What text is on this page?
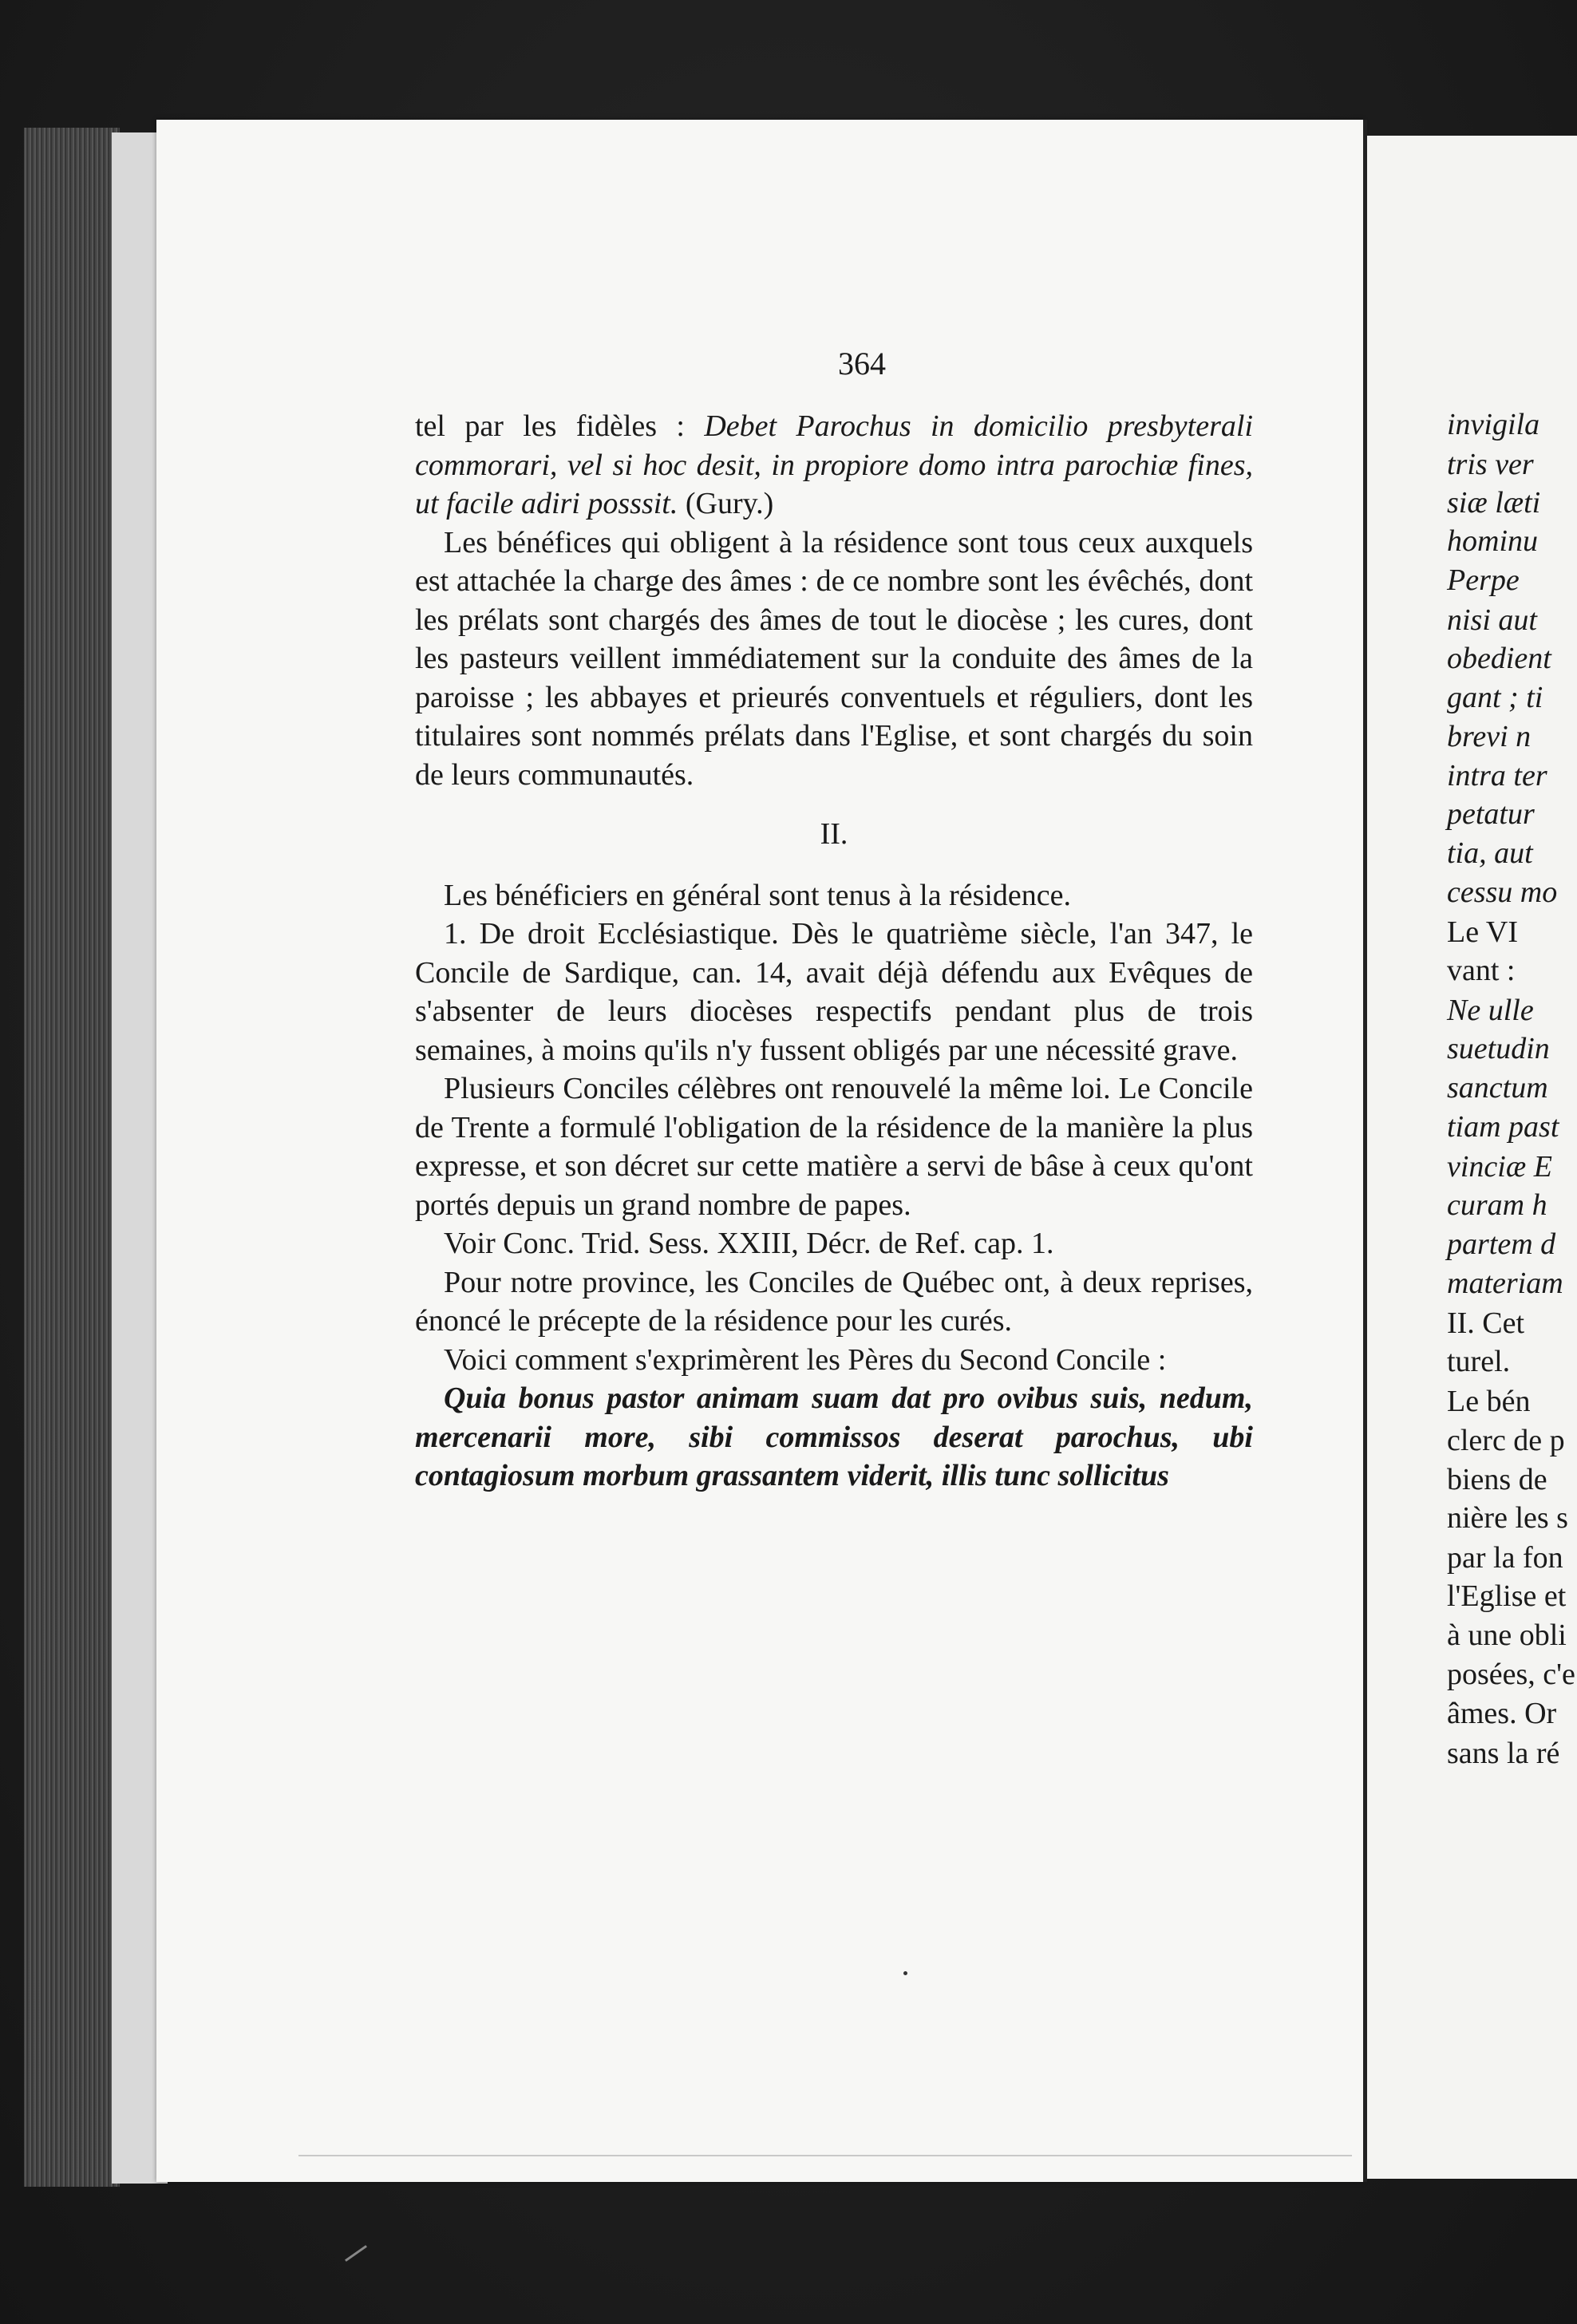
364

tel par les fidèles : Debet Parochus in domicilio presbyterali commorari, vel si hoc desit, in propiore domo intra parochiæ fines, ut facile adiri posssit. (Gury.)

Les bénéfices qui obligent à la résidence sont tous ceux auxquels est attachée la charge des âmes : de ce nombre sont les évêchés, dont les prélats sont chargés des âmes de tout le diocèse ; les cures, dont les pasteurs veillent immédiatement sur la conduite des âmes de la paroisse ; les abbayes et prieurés conventuels et réguliers, dont les titulaires sont nommés prélats dans l'Eglise, et sont chargés du soin de leurs communautés.

II.

Les bénéficiers en général sont tenus à la résidence.

1. De droit Ecclésiastique. Dès le quatrième siècle, l'an 347, le Concile de Sardique, can. 14, avait déjà défendu aux Evêques de s'absenter de leurs diocèses respectifs pendant plus de trois semaines, à moins qu'ils n'y fussent obligés par une nécessité grave.

Plusieurs Conciles célèbres ont renouvelé la même loi. Le Concile de Trente a formulé l'obligation de la résidence de la manière la plus expresse, et son décret sur cette matière a servi de bâse à ceux qu'ont portés depuis un grand nombre de papes.

Voir Conc. Trid. Sess. XXIII, Décr. de Ref. cap. 1.

Pour notre province, les Conciles de Québec ont, à deux reprises, énoncé le précepte de la résidence pour les curés.

Voici comment s'exprimèrent les Pères du Second Concile :

Quia bonus pastor animam suam dat pro ovibus suis, nedum, mercenarii more, sibi commissos deserat parochus, ubi contagiosum morbum grassantem viderit, illis tunc sollicitus

invigila
tris ver
siæ læti
hominu
Perpe
nisi aut
obedient
gant ; ti
brevi n
intra ter
petatur
tia, aut
cessu mo
Le VI
vant :
Ne ulle
suetudin
sanctum
tiam past
vinciæ E
curam h
partem d
materiam
II. Cet
turel.
Le bén
clerc de p
biens de
nière les s
par la fon
l'Eglise et
à une obli
posées, c'e
âmes. Or
sans la ré
